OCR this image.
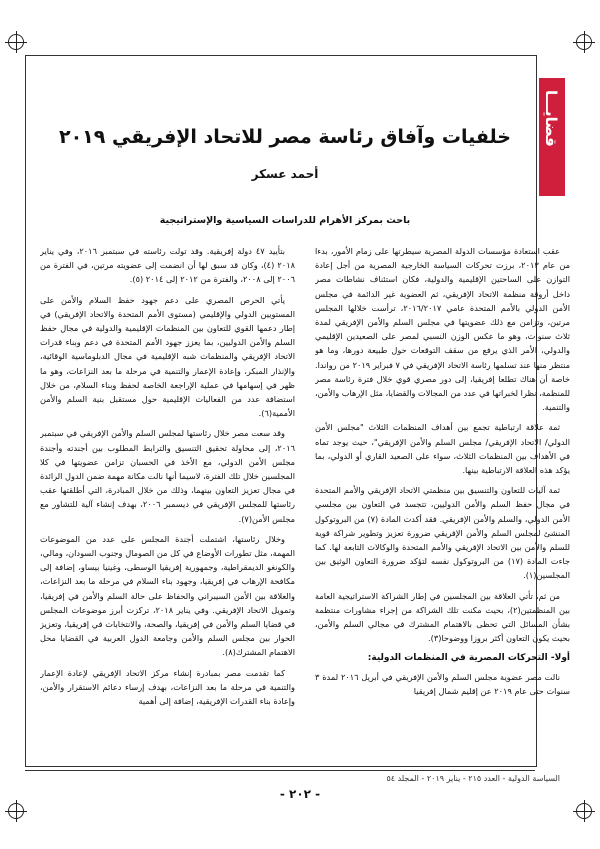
قضايـــا
خلفيات وآفاق رئاسة مصر للاتحاد الإفريقي ٢٠١٩
أحمد عسكر
باحث بمركز الأهرام للدراسات السياسية والإستراتيجية

عقب استعادة مؤسسات الدولة المصرية سيطرتها على زمام الأمور، بدءا من عام ٢٠١٣، برزت تحركات السياسة الخارجية المصرية من أجل إعادة التوازن على الساحتين الإقليمية والدولية، فكان استئناف نشاطات مصر داخل أروقة منظمة الاتحاد الإفريقي، ثم العضوية غير الدائمة في مجلس الأمن الدولي بالأمم المتحدة عامي ٢٠١٦/٢٠١٧، ترأست خلالها المجلس مرتين، وتزامن مع ذلك عضويتها في مجلس السلم والأمن الإفريقي لمدة ثلاث سنوات، وهو ما عكس الوزن النسبي لمصر على الصعيدين الإقليمي والدولي، الأمر الذي يرفع من سقف التوقعات حول طبيعة دورها، وما هو منتظر منها عند تسلمها رئاسة الاتحاد الإفريقي في ٧ فبراير ٢٠١٩ من رواندا. خاصة أن هناك تطلعا إفريقيا، إلى دور مصري قوي خلال فترة رئاسة مصر للمنظمة، نظرا لخبراتها في عدد من المجالات والقضايا، مثل الإرهاب والأمن، والتنمية.

ثمة علاقة ارتباطية تجمع بين أهداف المنظمات الثلاث "مجلس الأمن الدولي/ الاتحاد الإفريقي/ مجلس السلم والأمن الإفريقي"، حيث يوجد تماه في الأهداف بين المنظمات الثلاث، سواء على الصعيد القاري أو الدولي، بما يؤكد هذه العلاقة الارتباطية بينها.

ثمة آليات للتعاون والتنسيق بين منظمتي الاتحاد الإفريقي والأمم المتحدة في مجال حفظ السلم والأمن الدوليين، تتجسد في التعاون بين مجلسي الأمن الدولي، والسلم والأمن الإفريقي. فقد أكدت المادة (٧) من البروتوكول المنشئ لمجلس السلم والأمن الإفريقي ضرورة تعزيز وتطوير شراكة قوية للسلم والأمن بين الاتحاد الإفريقي والأمم المتحدة والوكالات التابعة لها. كما جاءت المادة (١٧) من البروتوكول نفسه لتؤكد ضرورة التعاون الوثيق بين المجلسين(١).

من ثم، تأتي العلاقة بين المجلسين في إطار الشراكة الاستراتيجية العامة بين المنظمتين(٢)، بحيث مكنت تلك الشراكة من إجراء مشاورات منتظمة بشأن المسائل التي تحظى بالاهتمام المشترك في مجالي السلم والأمن، بحيث يكون التعاون أكثر بروزا ووضوحا(٣).

أولا- التحركات المصرية في المنظمات الدولية:

نالت مصر عضوية مجلس السلم والأمن الإفريقي في أبريل ٢٠١٦ لمدة ٣ سنوات حتى عام ٢٠١٩ عن إقليم شمال إفريقيا

بتأييد ٤٧ دولة إفريقية. وقد تولت رئاسته في سبتمبر ٢٠١٦، وفي يناير ٢٠١٨ (٤)، وكان قد سبق لها أن انضمت إلى عضويته مرتين، في الفترة من ٢٠٠٦ إلى ٢٠٠٨، والفترة من ٢٠١٢ إلى ٢٠١٤ (٥).

يأتي الحرص المصري على دعم جهود حفظ السلام والأمن على المستويين الدولي والإقليمي (مستوى الأمم المتحدة والاتحاد الإفريقي) في إطار دعمها القوي للتعاون بين المنظمات الإقليمية والدولية في مجال حفظ السلم والأمن الدوليين، بما يعزز جهود الأمم المتحدة في دعم وبناء قدرات الاتحاد الإفريقي والمنظمات شبه الإقليمية في مجال الدبلوماسية الوقائية، والإنذار المبكر، وإعادة الإعمار والتنمية في مرحلة ما بعد النزاعات، وهو ما ظهر في إسهامها في عملية الإراجعة الخاصة لحفظ وبناء السلام، من خلال استضافة عدد من الفعاليات الإقليمية حول مستقبل بنية السلم والأمن الأممية(٦).

وقد سعت مصر خلال رئاستها لمجلس السلم والأمن الإفريقي في سبتمبر ٢٠١٦، إلى محاولة تحقيق التنسيق والترابط المطلوب بين أجندته وأجندة مجلس الأمن الدولي، مع الأخذ في الحسبان تزامن عضويتها في كلا المجلسين خلال تلك الفترة، لاسيما أنها نالت مكانة مهمة ضمن الدول الرائدة في مجال تعزيز التعاون بينهما، وذلك من خلال المبادرة، التي أطلقتها عقب رئاستها للمجلس الإفريقي في ديسمبر ٢٠٠٦، بهدف إنشاء آلية للتشاور مع مجلس الأمن(٧).

وخلال رئاستها، اشتملت أجندة المجلس على عدد من الموضوعات المهمة، مثل تطورات الأوضاع في كل من الصومال وجنوب السودان، ومالي، والكونغو الديمقراطية، وجمهورية إفريقيا الوسطى، وغينيا بيساو، إضافة إلى مكافحة الإرهاب في إفريقيا، وجهود بناء السلام في مرحلة ما بعد النزاعات، والعلاقة بين الأمن السيبراني والحفاظ على حالة السلم والأمن في إفريقيا، وتمويل الاتحاد الإفريقي. وفي يناير ٢٠١٨، تركزت أبرز موضوعات المجلس في قضايا السلم والأمن في إفريقيا، والصحة، والانتخابات في إفريقيا، وتعزيز الحوار بين مجلس السلم والأمن وجامعة الدول العربية في القضايا محل الاهتمام المشترك(٨).

كما تقدمت مصر بمبادرة إنشاء مركز الاتحاد الإفريقي لإعادة الإعمار والتنمية في مرحلة ما بعد النزاعات، بهدف إرساء دعائم الاستقرار والأمن، وإعادة بناء القدرات الإفريقية، إضافة إلى أهمية

السياسة الدولية - العدد ٢١٥ - يناير ٢٠١٩ - المجلد ٥٤
- ٢٠٢ -
